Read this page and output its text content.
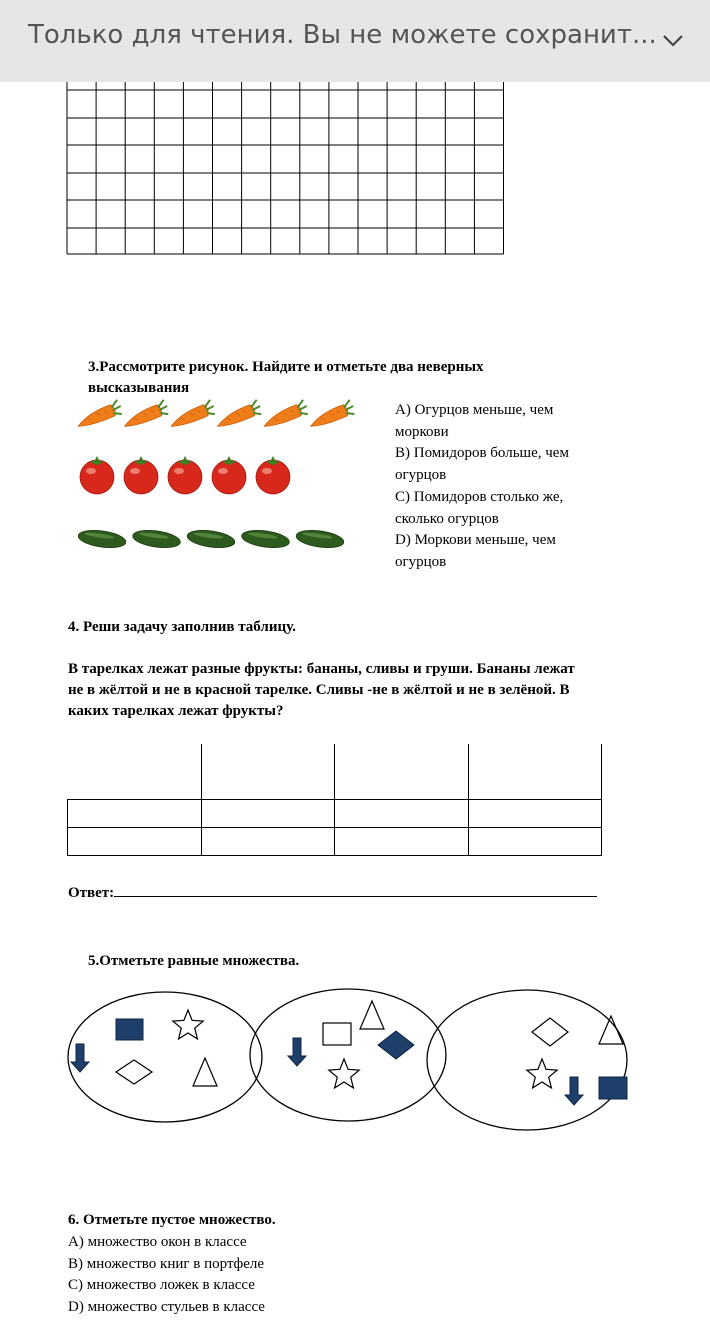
Только для чтения. Вы не можете сохранит...
3.Рассмотрите рисунок. Найдите и отметьте два неверных
высказывания
А) Огурцов меньше, чем
моркови
В) Помидоров больше, чем
огурцов
С) Помидоров столько же,
сколько огурцов
D) Моркови меньше, чем
огурцов
4. Реши задачу заполнив таблицу.
В тарелках лежат разные фрукты: бананы, сливы и груши. Бананы лежат
не в жёлтой и не в красной тарелке. Сливы -не в жёлтой и не в зелёной. В
каких тарелках лежат фрукты?

Ответ:
5.Отметьте равные множества.
6. Отметьте пустое множество.
А) множество окон в классе
В) множество книг в портфеле
С) множество ложек в классе
D) множество стульев в классе
